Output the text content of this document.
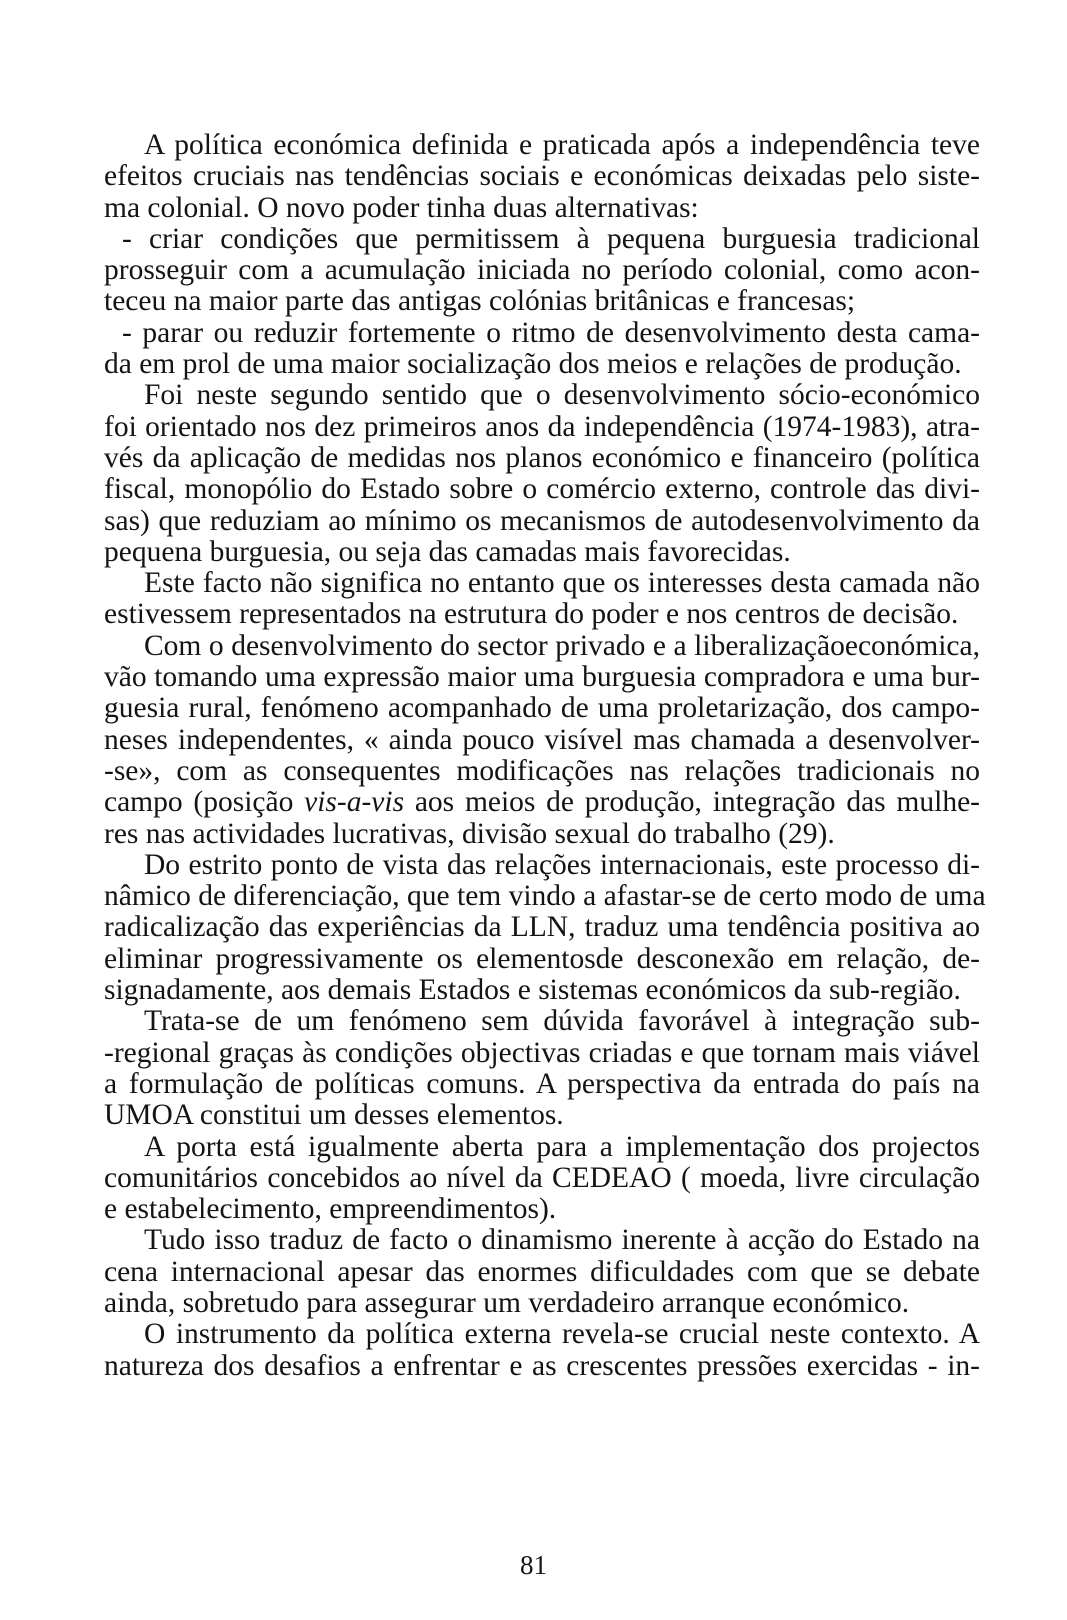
A política económica definida e praticada após a independência teve
efeitos cruciais nas tendências sociais e económicas deixadas pelo siste-
ma colonial. O novo poder tinha duas alternativas:
- criar condições que permitissem à pequena burguesia tradicional
prosseguir com a acumulação iniciada no período colonial, como acon-
teceu na maior parte das antigas colónias britânicas e francesas;
- parar ou reduzir fortemente o ritmo de desenvolvimento desta cama-
da em prol de uma maior socialização dos meios e relações de produção.
Foi neste segundo sentido que o desenvolvimento sócio-económico
foi orientado nos dez primeiros anos da independência (1974-1983), atra-
vés da aplicação de medidas nos planos económico e financeiro (política
fiscal, monopólio do Estado sobre o comércio externo, controle das divi-
sas) que reduziam ao mínimo os mecanismos de autodesenvolvimento da
pequena burguesia, ou seja das camadas mais favorecidas.
Este facto não significa no entanto que os interesses desta camada não
estivessem representados na estrutura do poder e nos centros de decisão.
Com o desenvolvimento do sector privado e a liberalizaçãoeconómica,
vão tomando uma expressão maior uma burguesia compradora e uma bur-
guesia rural, fenómeno acompanhado de uma proletarização, dos campo-
neses independentes, « ainda pouco visível mas chamada a desenvolver-
-se», com as consequentes modificações nas relações tradicionais no
campo (posição vis-a-vis aos meios de produção, integração das mulhe-
res nas actividades lucrativas, divisão sexual do trabalho (29).
Do estrito ponto de vista das relações internacionais, este processo di-
nâmico de diferenciação, que tem vindo a afastar-se de certo modo de uma
radicalização das experiências da LLN, traduz uma tendência positiva ao
eliminar progressivamente os elementosde desconexão em relação, de-
signadamente, aos demais Estados e sistemas económicos da sub-região.
Trata-se de um fenómeno sem dúvida favorável à integração sub-
-regional graças às condições objectivas criadas e que tornam mais viável
a formulação de políticas comuns. A perspectiva da entrada do país na
UMOA constitui um desses elementos.
A porta está igualmente aberta para a implementação dos projectos
comunitários concebidos ao nível da CEDEAO ( moeda, livre circulação
e estabelecimento, empreendimentos).
Tudo isso traduz de facto o dinamismo inerente à acção do Estado na
cena internacional apesar das enormes dificuldades com que se debate
ainda, sobretudo para assegurar um verdadeiro arranque económico.
O instrumento da política externa revela-se crucial neste contexto. A
natureza dos desafios a enfrentar e as crescentes pressões exercidas - in-
81
